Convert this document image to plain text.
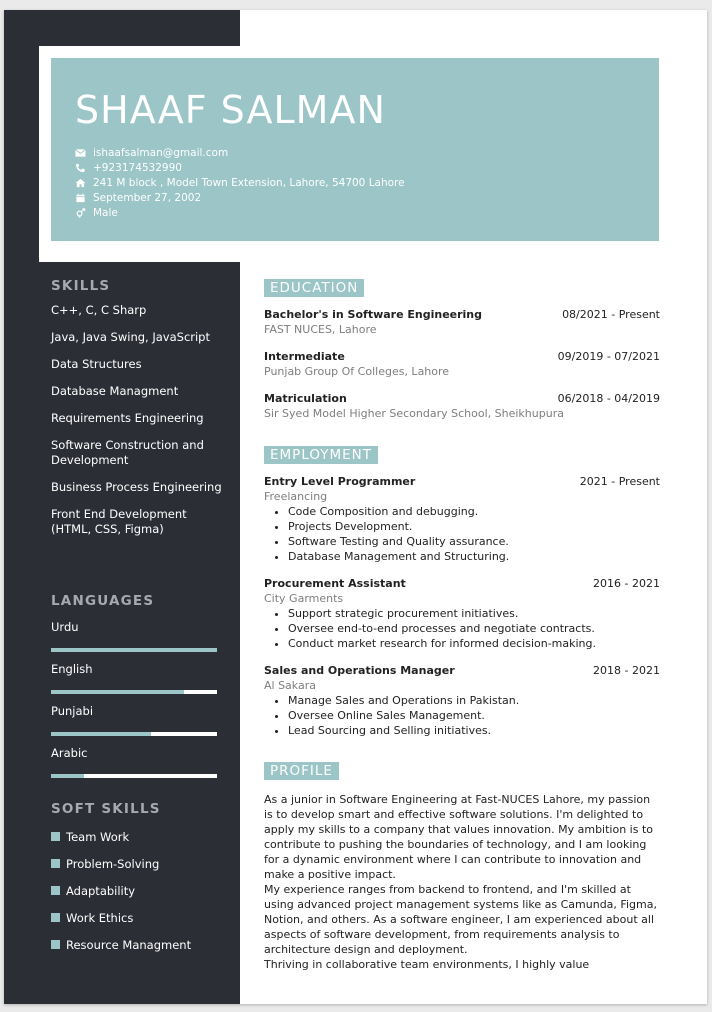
SHAAF SALMAN
ishaafsalman@gmail.com
+923174532990
241 M block , Model Town Extension, Lahore, 54700 Lahore
September 27, 2002
Male
SKILLS
C++, C, C Sharp
Java, Java Swing, JavaScript
Data Structures
Database Managment
Requirements Engineering
Software Construction and Development
Business Process Engineering
Front End Development (HTML, CSS, Figma)
LANGUAGES
Urdu
English
Punjabi
Arabic
SOFT SKILLS
Team Work
Problem-Solving
Adaptability
Work Ethics
Resource Managment
EDUCATION
Bachelor's in Software Engineering	08/2021 - Present
FAST NUCES, Lahore
Intermediate	09/2019 - 07/2021
Punjab Group Of Colleges, Lahore
Matriculation	06/2018 - 04/2019
Sir Syed Model Higher Secondary School, Sheikhupura
EMPLOYMENT
Entry Level Programmer	2021 - Present
Freelancing
• Code Composition and debugging.
• Projects Development.
• Software Testing and Quality assurance.
• Database Management and Structuring.
Procurement Assistant	2016 - 2021
City Garments
• Support strategic procurement initiatives.
• Oversee end-to-end processes and negotiate contracts.
• Conduct market research for informed decision-making.
Sales and Operations Manager	2018 - 2021
Al Sakara
• Manage Sales and Operations in Pakistan.
• Oversee Online Sales Management.
• Lead Sourcing and Selling initiatives.
PROFILE

As a junior in Software Engineering at Fast-NUCES Lahore, my passion is to develop smart and effective software solutions. I'm delighted to apply my skills to a company that values innovation. My ambition is to contribute to pushing the boundaries of technology, and I am looking for a dynamic environment where I can contribute to innovation and make a positive impact.

My experience ranges from backend to frontend, and I'm skilled at using advanced project management systems like as Camunda, Figma, Notion, and others. As a software engineer, I am experienced about all aspects of software development, from requirements analysis to architecture design and deployment.

Thriving in collaborative team environments, I highly value
